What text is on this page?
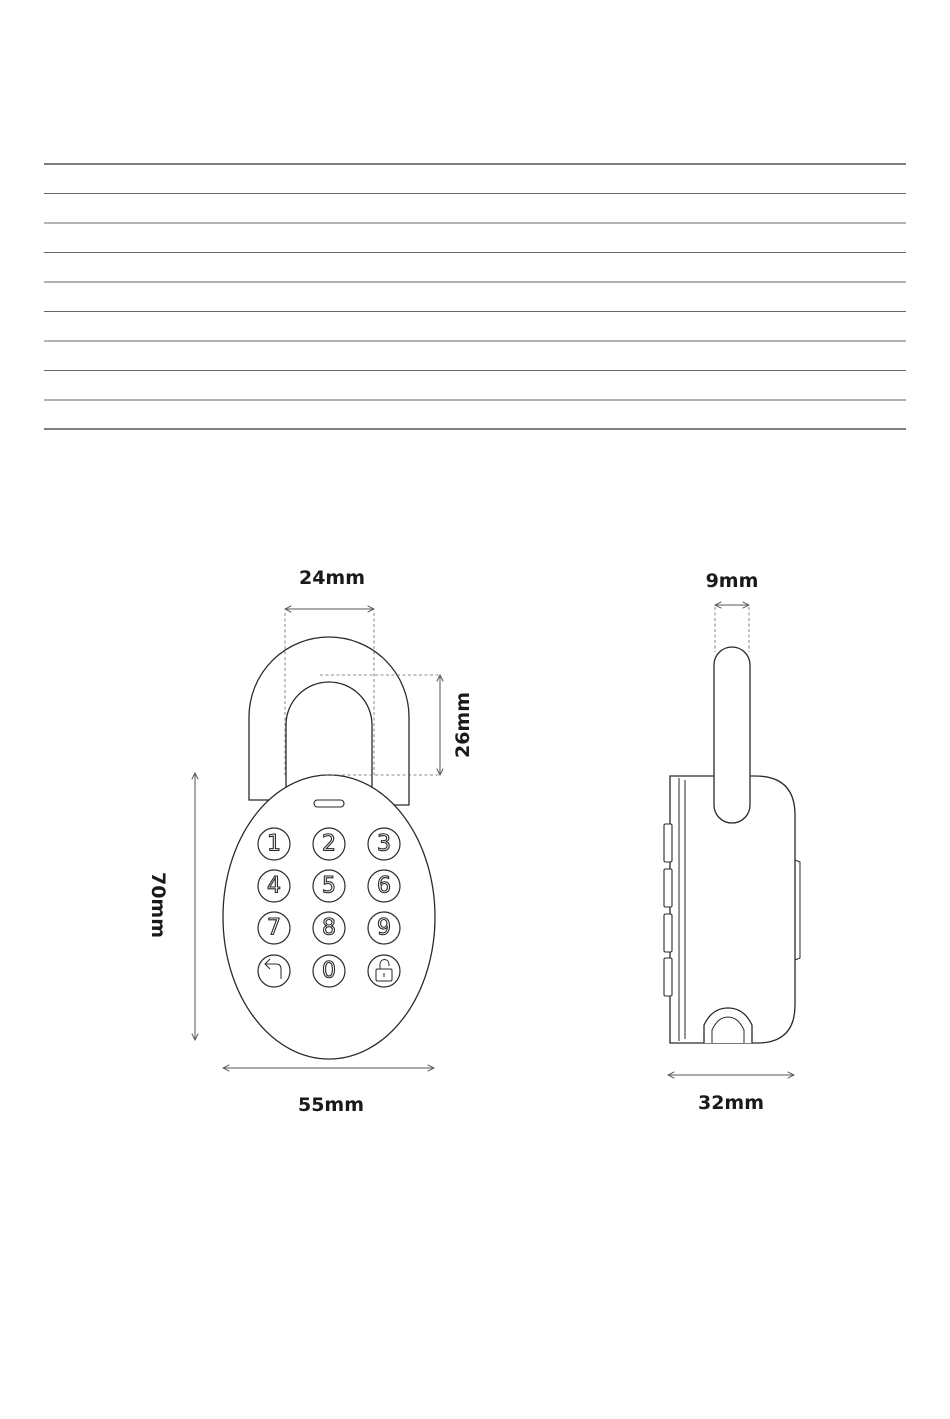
1 2 3
4 5 6
7 8 9
0
24mm
26mm
70mm
55mm
9mm
32mm
